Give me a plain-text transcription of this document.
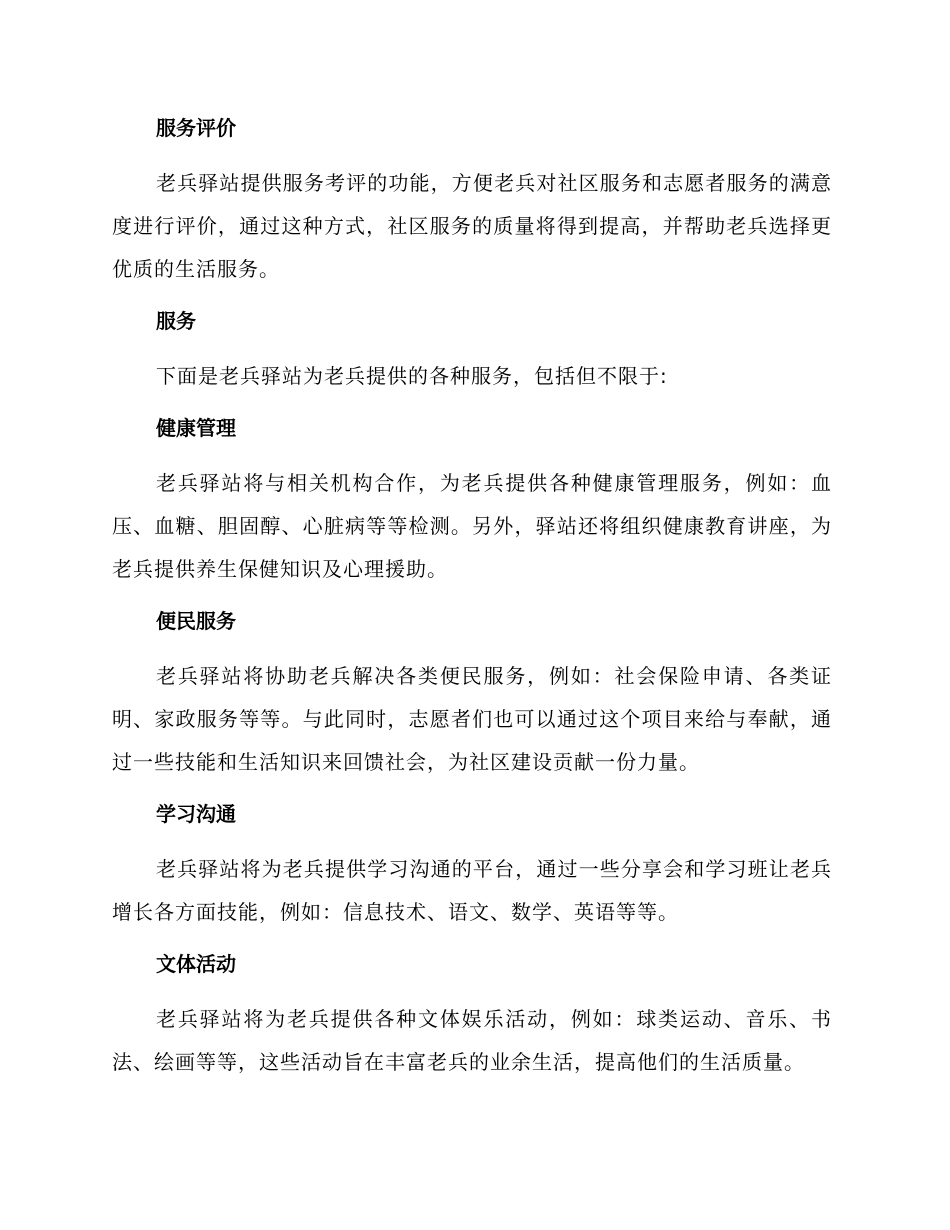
服务评价

老兵驿站提供服务考评的功能，方便老兵对社区服务和志愿者服务的满意度进行评价，通过这种方式，社区服务的质量将得到提高，并帮助老兵选择更优质的生活服务。

服务

下面是老兵驿站为老兵提供的各种服务，包括但不限于:

健康管理

老兵驿站将与相关机构合作，为老兵提供各种健康管理服务，例如：血压、血糖、胆固醇、心脏病等等检测。另外，驿站还将组织健康教育讲座，为老兵提供养生保健知识及心理援助。

便民服务

老兵驿站将协助老兵解决各类便民服务，例如：社会保险申请、各类证明、家政服务等等。与此同时，志愿者们也可以通过这个项目来给与奉献，通过一些技能和生活知识来回馈社会，为社区建设贡献一份力量。

学习沟通

老兵驿站将为老兵提供学习沟通的平台，通过一些分享会和学习班让老兵增长各方面技能，例如：信息技术、语文、数学、英语等等。

文体活动

老兵驿站将为老兵提供各种文体娱乐活动，例如：球类运动、音乐、书法、绘画等等，这些活动旨在丰富老兵的业余生活，提高他们的生活质量。
